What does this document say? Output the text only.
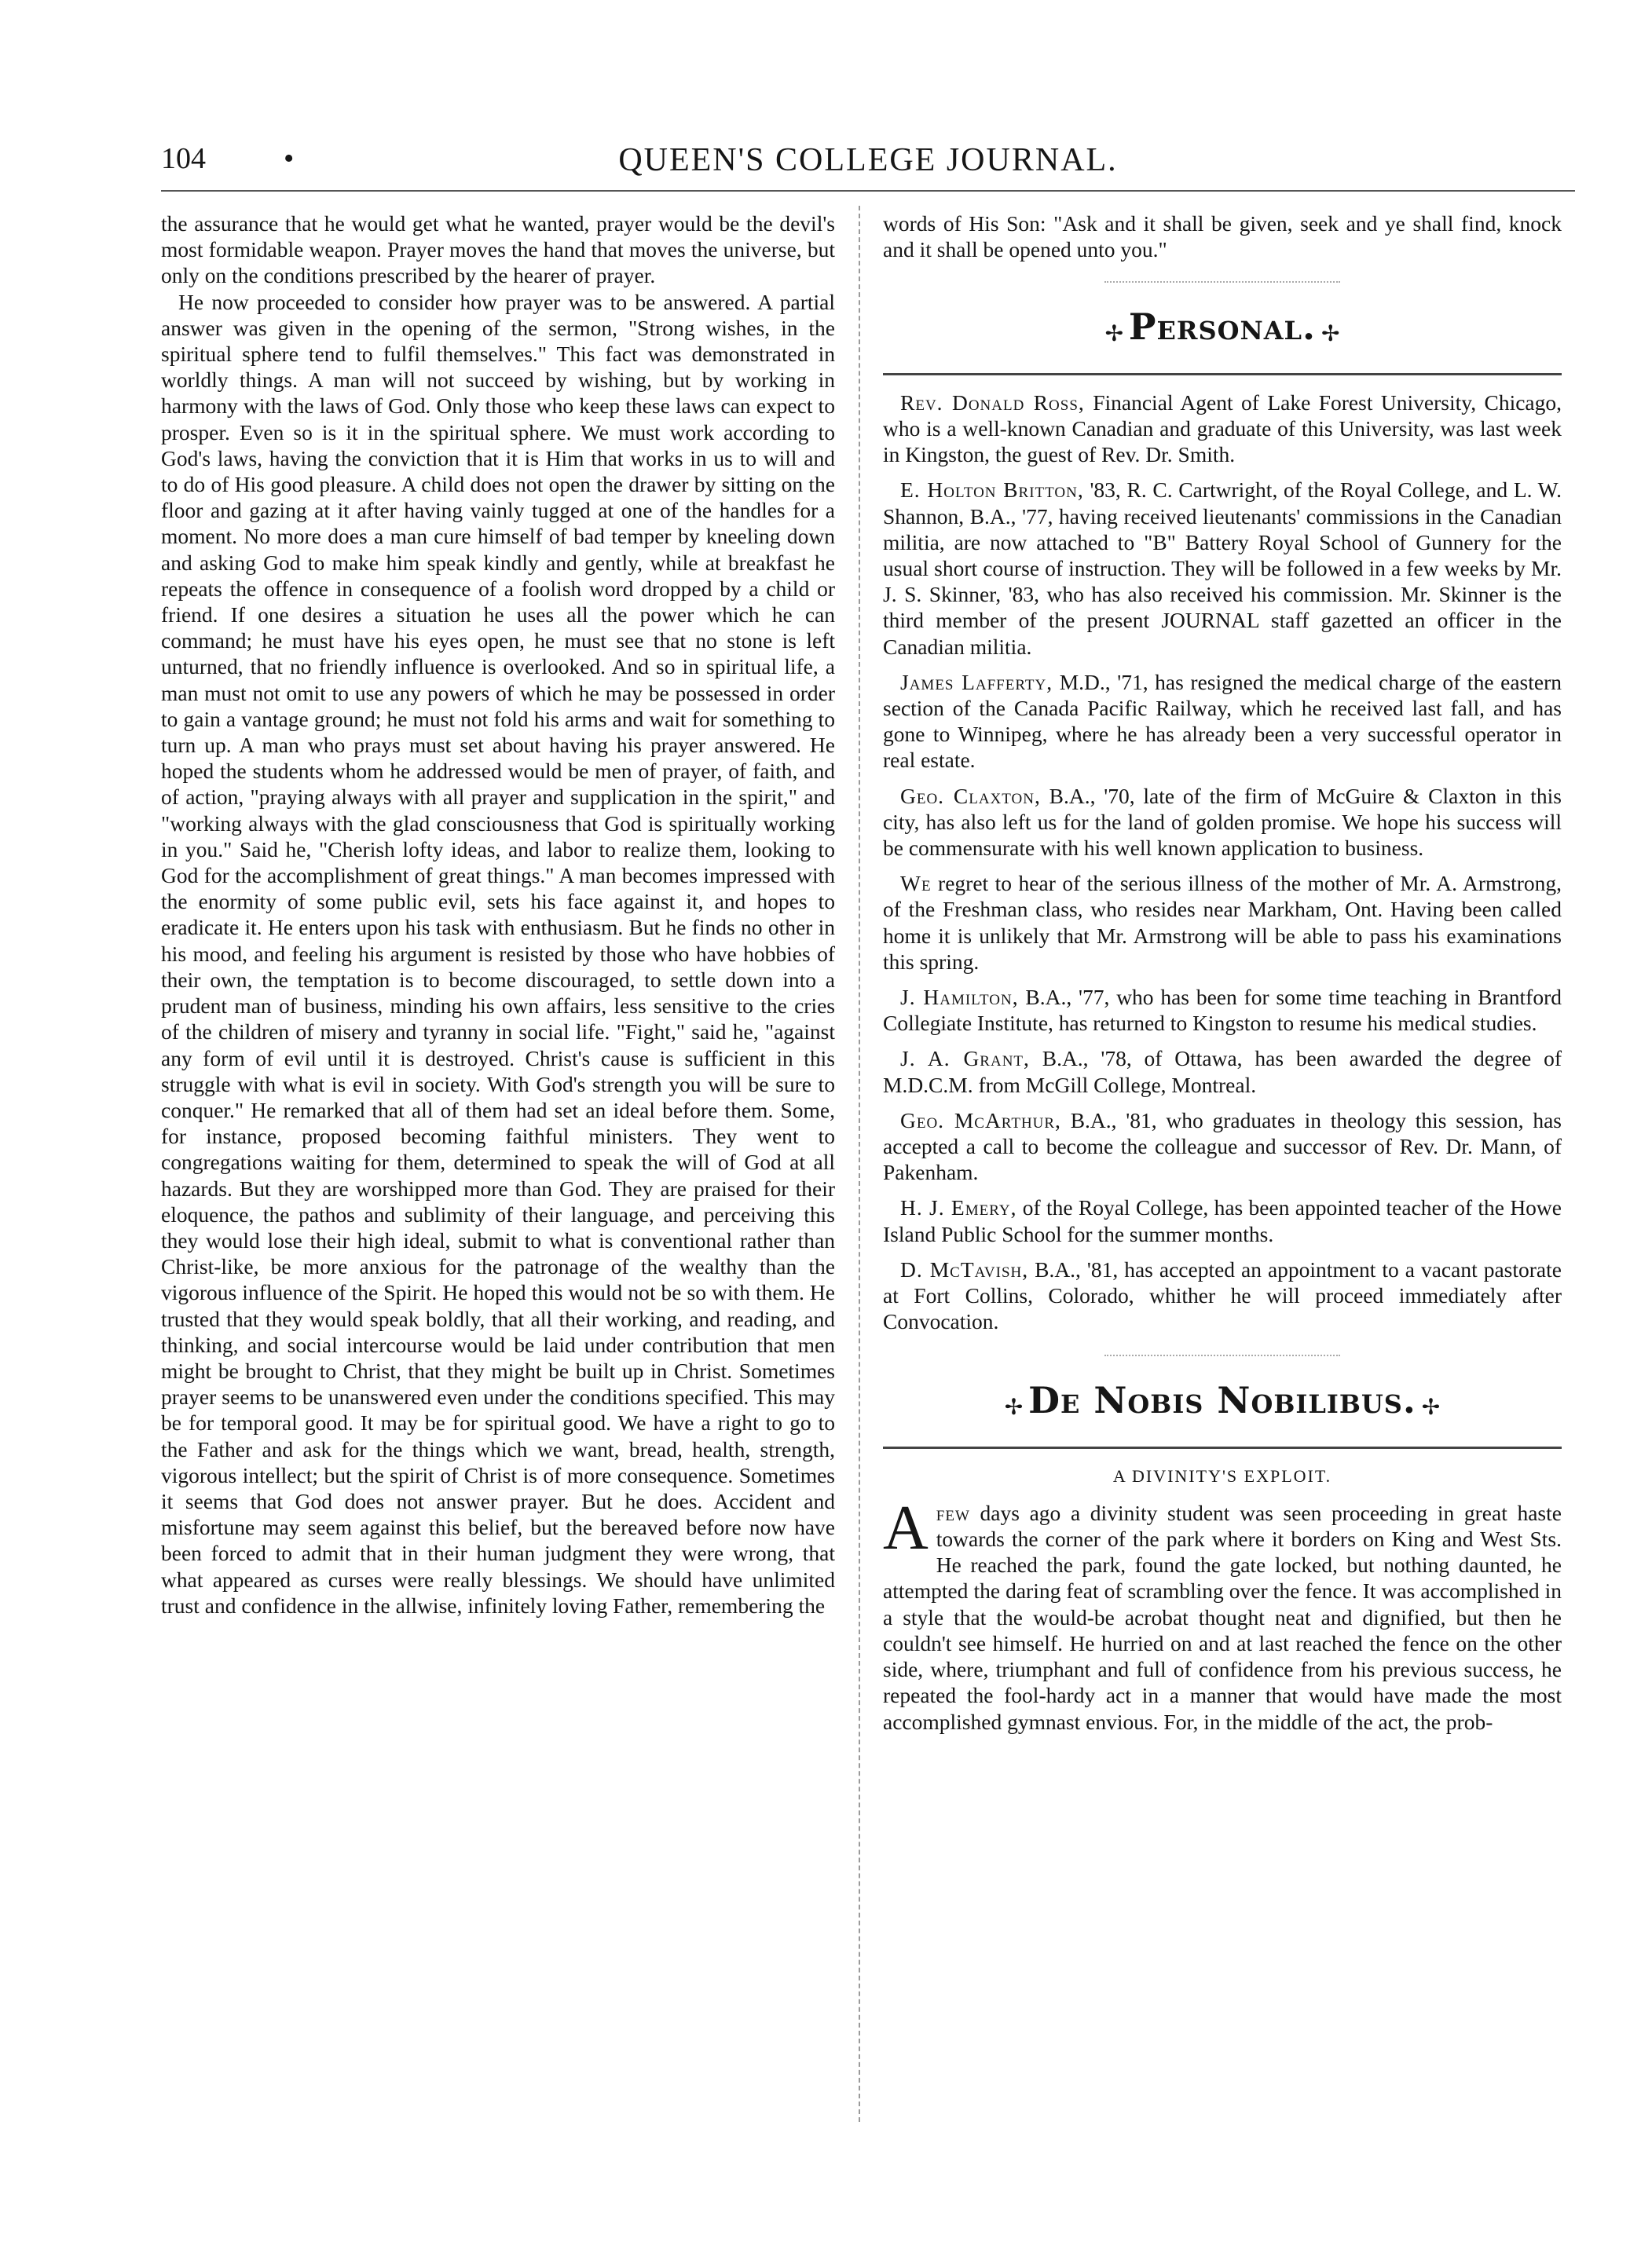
104	•	QUEEN'S COLLEGE JOURNAL.

the assurance that he would get what he wanted, prayer would be the devil's most formidable weapon. Prayer moves the hand that moves the universe, but only on the conditions prescribed by the hearer of prayer.

He now proceeded to consider how prayer was to be answered. A partial answer was given in the opening of the sermon, "Strong wishes, in the spiritual sphere tend to fulfil themselves." This fact was demonstrated in worldly things. A man will not succeed by wishing, but by working in harmony with the laws of God. Only those who keep these laws can expect to prosper. Even so is it in the spiritual sphere. We must work according to God's laws, having the conviction that it is Him that works in us to will and to do of His good pleasure. A child does not open the drawer by sitting on the floor and gazing at it after having vainly tugged at one of the handles for a moment. No more does a man cure himself of bad temper by kneeling down and asking God to make him speak kindly and gently, while at breakfast he repeats the offence in consequence of a foolish word dropped by a child or friend. If one desires a situation he uses all the power which he can command; he must have his eyes open, he must see that no stone is left unturned, that no friendly influence is overlooked. And so in spiritual life, a man must not omit to use any powers of which he may be possessed in order to gain a vantage ground; he must not fold his arms and wait for something to turn up. A man who prays must set about having his prayer answered. He hoped the students whom he addressed would be men of prayer, of faith, and of action, "praying always with all prayer and supplication in the spirit," and "working always with the glad consciousness that God is spiritually working in you." Said he, "Cherish lofty ideas, and labor to realize them, looking to God for the accomplishment of great things." A man becomes impressed with the enormity of some public evil, sets his face against it, and hopes to eradicate it. He enters upon his task with enthusiasm. But he finds no other in his mood, and feeling his argument is resisted by those who have hobbies of their own, the temptation is to become discouraged, to settle down into a prudent man of business, minding his own affairs, less sensitive to the cries of the children of misery and tyranny in social life. "Fight," said he, "against any form of evil until it is destroyed. Christ's cause is sufficient in this struggle with what is evil in society. With God's strength you will be sure to conquer." He remarked that all of them had set an ideal before them. Some, for instance, proposed becoming faithful ministers. They went to congregations waiting for them, determined to speak the will of God at all hazards. But they are worshipped more than God. They are praised for their eloquence, the pathos and sublimity of their language, and perceiving this they would lose their high ideal, submit to what is conventional rather than Christ-like, be more anxious for the patronage of the wealthy than the vigorous influence of the Spirit. He hoped this would not be so with them. He trusted that they would speak boldly, that all their working, and reading, and thinking, and social intercourse would be laid under contribution that men might be brought to Christ, that they might be built up in Christ. Sometimes prayer seems to be unanswered even under the conditions specified. This may be for temporal good. It may be for spiritual good. We have a right to go to the Father and ask for the things which we want, bread, health, strength, vigorous intellect; but the spirit of Christ is of more consequence. Sometimes it seems that God does not answer prayer. But he does. Accident and misfortune may seem against this belief, but the bereaved before now have been forced to admit that in their human judgment they were wrong, that what appeared as curses were really blessings. We should have unlimited trust and confidence in the allwise, infinitely loving Father, remembering the

words of His Son: "Ask and it shall be given, seek and ye shall find, knock and it shall be opened unto you."

✢ Personal. ✢

Rev. Donald Ross, Financial Agent of Lake Forest University, Chicago, who is a well-known Canadian and graduate of this University, was last week in Kingston, the guest of Rev. Dr. Smith.

E. Holton Britton, '83, R. C. Cartwright, of the Royal College, and L. W. Shannon, B.A., '77, having received lieutenants' commissions in the Canadian militia, are now attached to "B" Battery Royal School of Gunnery for the usual short course of instruction. They will be followed in a few weeks by Mr. J. S. Skinner, '83, who has also received his commission. Mr. Skinner is the third member of the present JOURNAL staff gazetted an officer in the Canadian militia.

James Lafferty, M.D., '71, has resigned the medical charge of the eastern section of the Canada Pacific Railway, which he received last fall, and has gone to Winnipeg, where he has already been a very successful operator in real estate.

Geo. Claxton, B.A., '70, late of the firm of McGuire & Claxton in this city, has also left us for the land of golden promise. We hope his success will be commensurate with his well known application to business.

We regret to hear of the serious illness of the mother of Mr. A. Armstrong, of the Freshman class, who resides near Markham, Ont. Having been called home it is unlikely that Mr. Armstrong will be able to pass his examinations this spring.

J. Hamilton, B.A., '77, who has been for some time teaching in Brantford Collegiate Institute, has returned to Kingston to resume his medical studies.

J. A. Grant, B.A., '78, of Ottawa, has been awarded the degree of M.D.C.M. from McGill College, Montreal.

Geo. McArthur, B.A., '81, who graduates in theology this session, has accepted a call to become the colleague and successor of Rev. Dr. Mann, of Pakenham.

H. J. Emery, of the Royal College, has been appointed teacher of the Howe Island Public School for the summer months.

D. McTavish, B.A., '81, has accepted an appointment to a vacant pastorate at Fort Collins, Colorado, whither he will proceed immediately after Convocation.

✢ De Nobis Nobilibus. ✢
A DIVINITY'S EXPLOIT.

Afew days ago a divinity student was seen proceeding in great haste towards the corner of the park where it borders on King and West Sts. He reached the park, found the gate locked, but nothing daunted, he attempted the daring feat of scrambling over the fence. It was accomplished in a style that the would-be acrobat thought neat and dignified, but then he couldn't see himself. He hurried on and at last reached the fence on the other side, where, triumphant and full of confidence from his previous success, he repeated the fool-hardy act in a manner that would have made the most accomplished gymnast envious. For, in the middle of the act, the prob-
